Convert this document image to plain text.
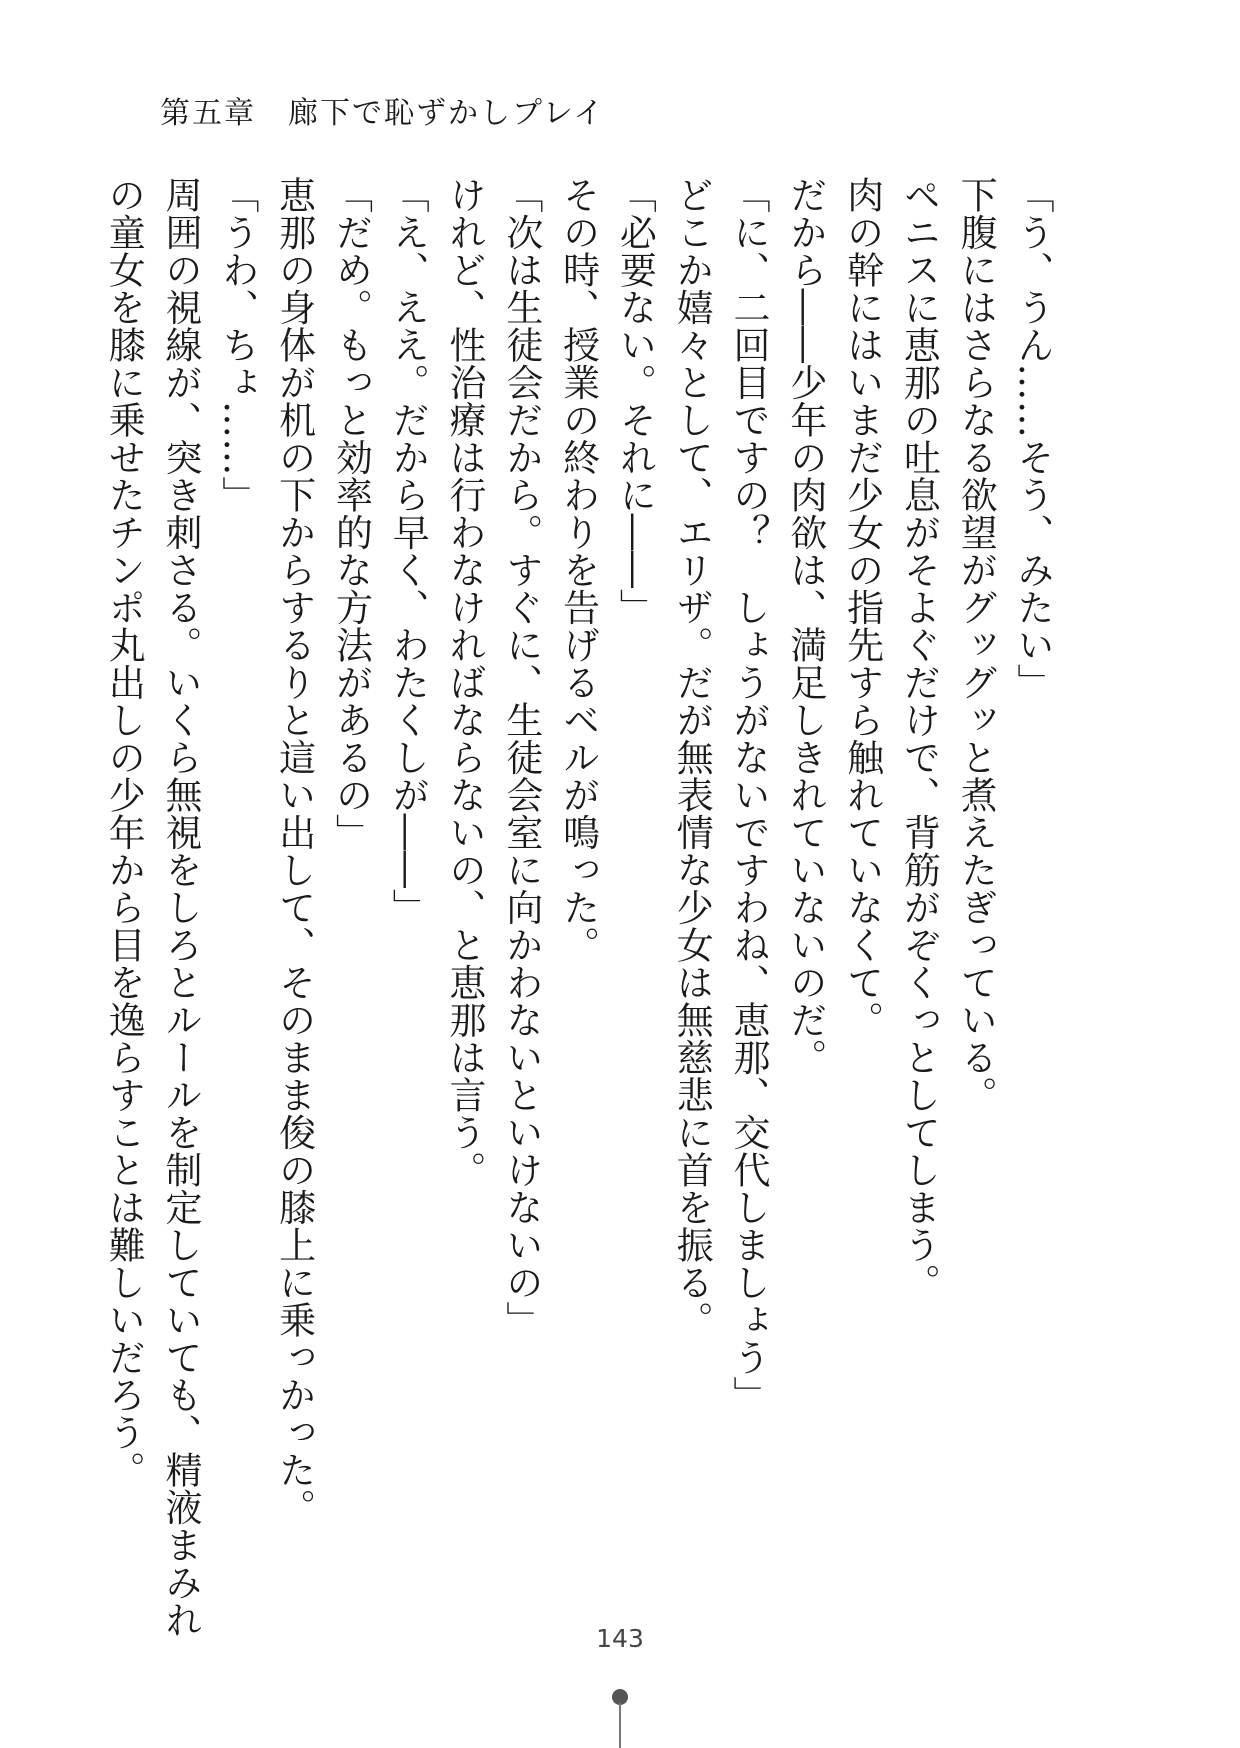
第五章　廊下で恥ずかしプレイ
「う、うん……そう、みたい」
下腹にはさらなる欲望がグッグッと煮えたぎっている。
ペニスに恵那の吐息がそよぐだけで、背筋がぞくっとしてしまう。
肉の幹にはいまだ少女の指先すら触れていなくて。
だから――少年の肉欲は、満足しきれていないのだ。
「に、二回目ですの？　しょうがないですわね、恵那、交代しましょう」
どこか嬉々として、エリザ。だが無表情な少女は無慈悲に首を振る。
「必要ない。それに――」
その時、授業の終わりを告げるベルが鳴った。
「次は生徒会だから。すぐに、生徒会室に向かわないといけないの」
けれど、性治療は行わなければならないの、と恵那は言う。
「え、ええ。だから早く、わたくしが――」
「だめ。もっと効率的な方法があるの」
恵那の身体が机の下からするりと這い出して、そのまま俊の膝上に乗っかった。
「うわ、ちょ……」
周囲の視線が、突き刺さる。いくら無視をしろとルールを制定していても、精液まみれ
の童女を膝に乗せたチンポ丸出しの少年から目を逸らすことは難しいだろう。
143
